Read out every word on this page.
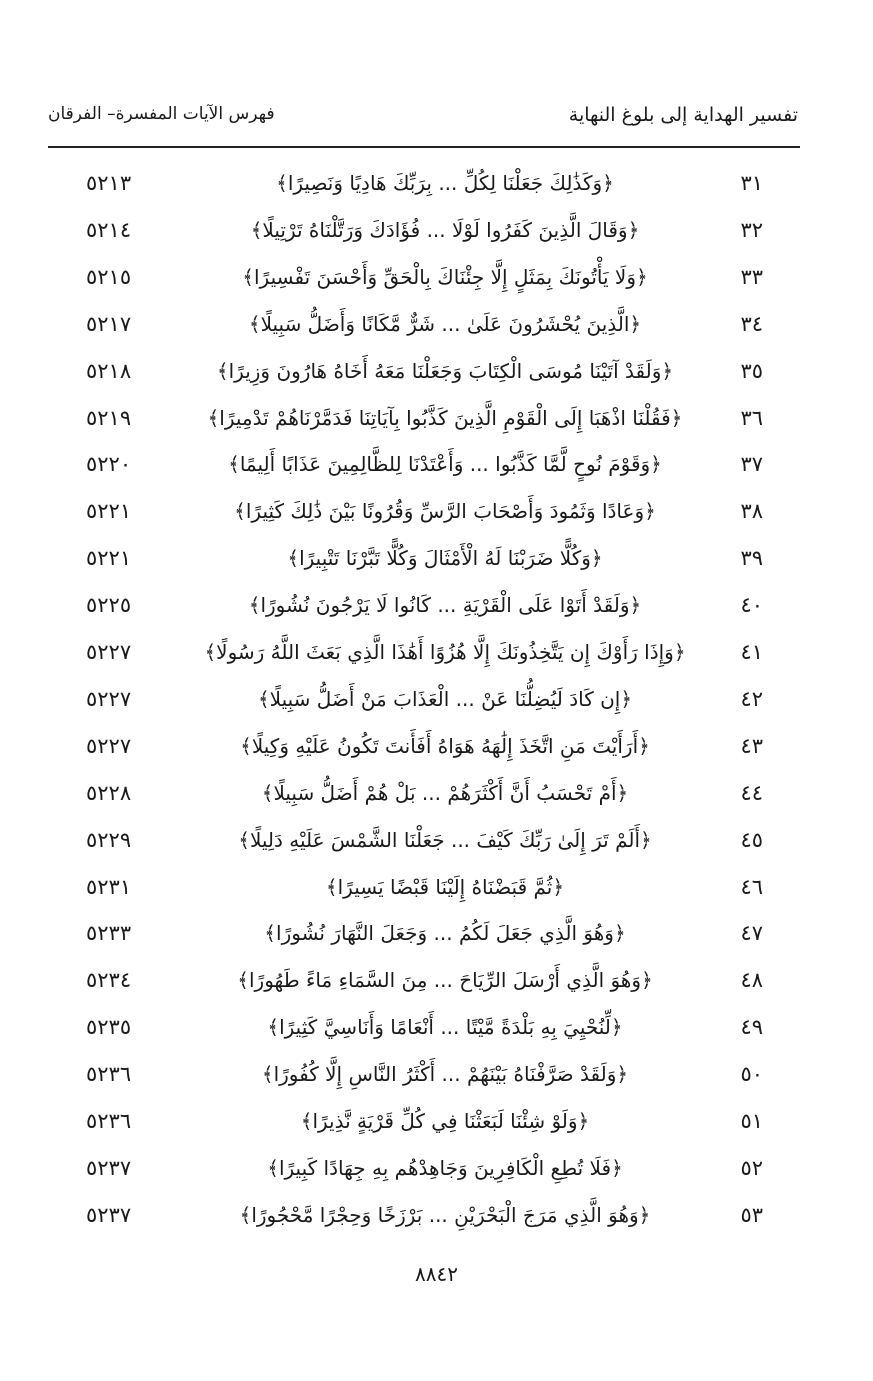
تفسير الهداية إلى بلوغ النهاية
فهرس الآيات المفسرة– الفرقان
٣١
﴿وَكَذَٰلِكَ جَعَلْنَا لِكُلِّ ... بِرَبِّكَ هَادِيًا وَنَصِيرًا﴾
٥٢١٣
٣٢
﴿وَقَالَ الَّذِينَ كَفَرُوا لَوْلَا ... فُؤَادَكَ وَرَتَّلْنَاهُ تَرْتِيلًا﴾
٥٢١٤
٣٣
﴿وَلَا يَأْتُونَكَ بِمَثَلٍ إِلَّا جِئْنَاكَ بِالْحَقِّ وَأَحْسَنَ تَفْسِيرًا﴾
٥٢١٥
٣٤
﴿الَّذِينَ يُحْشَرُونَ عَلَىٰ ... شَرٌّ مَّكَانًا وَأَضَلُّ سَبِيلًا﴾
٥٢١٧
٣٥
﴿وَلَقَدْ آتَيْنَا مُوسَى الْكِتَابَ وَجَعَلْنَا مَعَهُ أَخَاهُ هَارُونَ وَزِيرًا﴾
٥٢١٨
٣٦
﴿فَقُلْنَا اذْهَبَا إِلَى الْقَوْمِ الَّذِينَ كَذَّبُوا بِآيَاتِنَا فَدَمَّرْنَاهُمْ تَدْمِيرًا﴾
٥٢١٩
٣٧
﴿وَقَوْمَ نُوحٍ لَّمَّا كَذَّبُوا ... وَأَعْتَدْنَا لِلظَّالِمِينَ عَذَابًا أَلِيمًا﴾
٥٢٢٠
٣٨
﴿وَعَادًا وَثَمُودَ وَأَصْحَابَ الرَّسِّ وَقُرُونًا بَيْنَ ذَٰلِكَ كَثِيرًا﴾
٥٢٢١
٣٩
﴿وَكُلًّا ضَرَبْنَا لَهُ الْأَمْثَالَ وَكُلًّا تَبَّرْنَا تَتْبِيرًا﴾
٥٢٢١
٤٠
﴿وَلَقَدْ أَتَوْا عَلَى الْقَرْيَةِ ... كَانُوا لَا يَرْجُونَ نُشُورًا﴾
٥٢٢٥
٤١
﴿وَإِذَا رَأَوْكَ إِن يَتَّخِذُونَكَ إِلَّا هُزُوًا أَهَٰذَا الَّذِي بَعَثَ اللَّهُ رَسُولًا﴾
٥٢٢٧
٤٢
﴿إِن كَادَ لَيُضِلُّنَا عَنْ ... الْعَذَابَ مَنْ أَضَلُّ سَبِيلًا﴾
٥٢٢٧
٤٣
﴿أَرَأَيْتَ مَنِ اتَّخَذَ إِلَٰهَهُ هَوَاهُ أَفَأَنتَ تَكُونُ عَلَيْهِ وَكِيلًا﴾
٥٢٢٧
٤٤
﴿أَمْ تَحْسَبُ أَنَّ أَكْثَرَهُمْ ... بَلْ هُمْ أَضَلُّ سَبِيلًا﴾
٥٢٢٨
٤٥
﴿أَلَمْ تَرَ إِلَىٰ رَبِّكَ كَيْفَ ... جَعَلْنَا الشَّمْسَ عَلَيْهِ دَلِيلًا﴾
٥٢٢٩
٤٦
﴿ثُمَّ قَبَضْنَاهُ إِلَيْنَا قَبْضًا يَسِيرًا﴾
٥٢٣١
٤٧
﴿وَهُوَ الَّذِي جَعَلَ لَكُمُ ... وَجَعَلَ النَّهَارَ نُشُورًا﴾
٥٢٣٣
٤٨
﴿وَهُوَ الَّذِي أَرْسَلَ الرِّيَاحَ ... مِنَ السَّمَاءِ مَاءً طَهُورًا﴾
٥٢٣٤
٤٩
﴿لِّنُحْيِيَ بِهِ بَلْدَةً مَّيْتًا ... أَنْعَامًا وَأَنَاسِيَّ كَثِيرًا﴾
٥٢٣٥
٥٠
﴿وَلَقَدْ صَرَّفْنَاهُ بَيْنَهُمْ ... أَكْثَرُ النَّاسِ إِلَّا كُفُورًا﴾
٥٢٣٦
٥١
﴿وَلَوْ شِئْنَا لَبَعَثْنَا فِي كُلِّ قَرْيَةٍ نَّذِيرًا﴾
٥٢٣٦
٥٢
﴿فَلَا تُطِعِ الْكَافِرِينَ وَجَاهِدْهُم بِهِ جِهَادًا كَبِيرًا﴾
٥٢٣٧
٥٣
﴿وَهُوَ الَّذِي مَرَجَ الْبَحْرَيْنِ ... بَرْزَخًا وَحِجْرًا مَّحْجُورًا﴾
٥٢٣٧
٨٨٤٢
